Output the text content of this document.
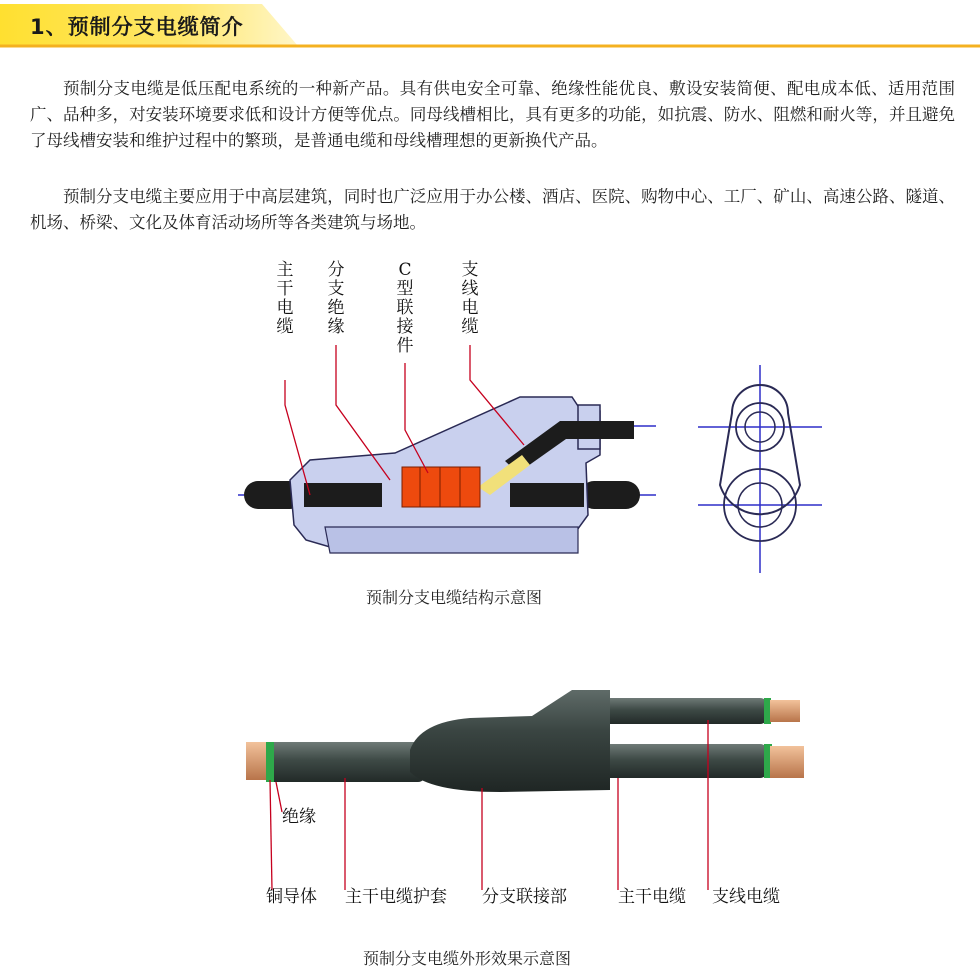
1、预制分支电缆简介

预制分支电缆是低压配电系统的一种新产品。具有供电安全可靠、绝缘性能优良、敷设安装简便、配电成本低、适用范围广、品种多，对安装环境要求低和设计方便等优点。同母线槽相比，具有更多的功能，如抗震、防水、阻燃和耐火等，并且避免了母线槽安装和维护过程中的繁琐，是普通电缆和母线槽理想的更新换代产品。

预制分支电缆主要应用于中高层建筑，同时也广泛应用于办公楼、酒店、医院、购物中心、工厂、矿山、高速公路、隧道、机场、桥梁、文化及体育活动场所等各类建筑与场地。

主干电缆
分支绝缘
C型联接件
支线电缆
预制分支电缆结构示意图
绝缘
铜导体 主干电缆护套 分支联接部	主干电缆 支线电缆
预制分支电缆外形效果示意图
